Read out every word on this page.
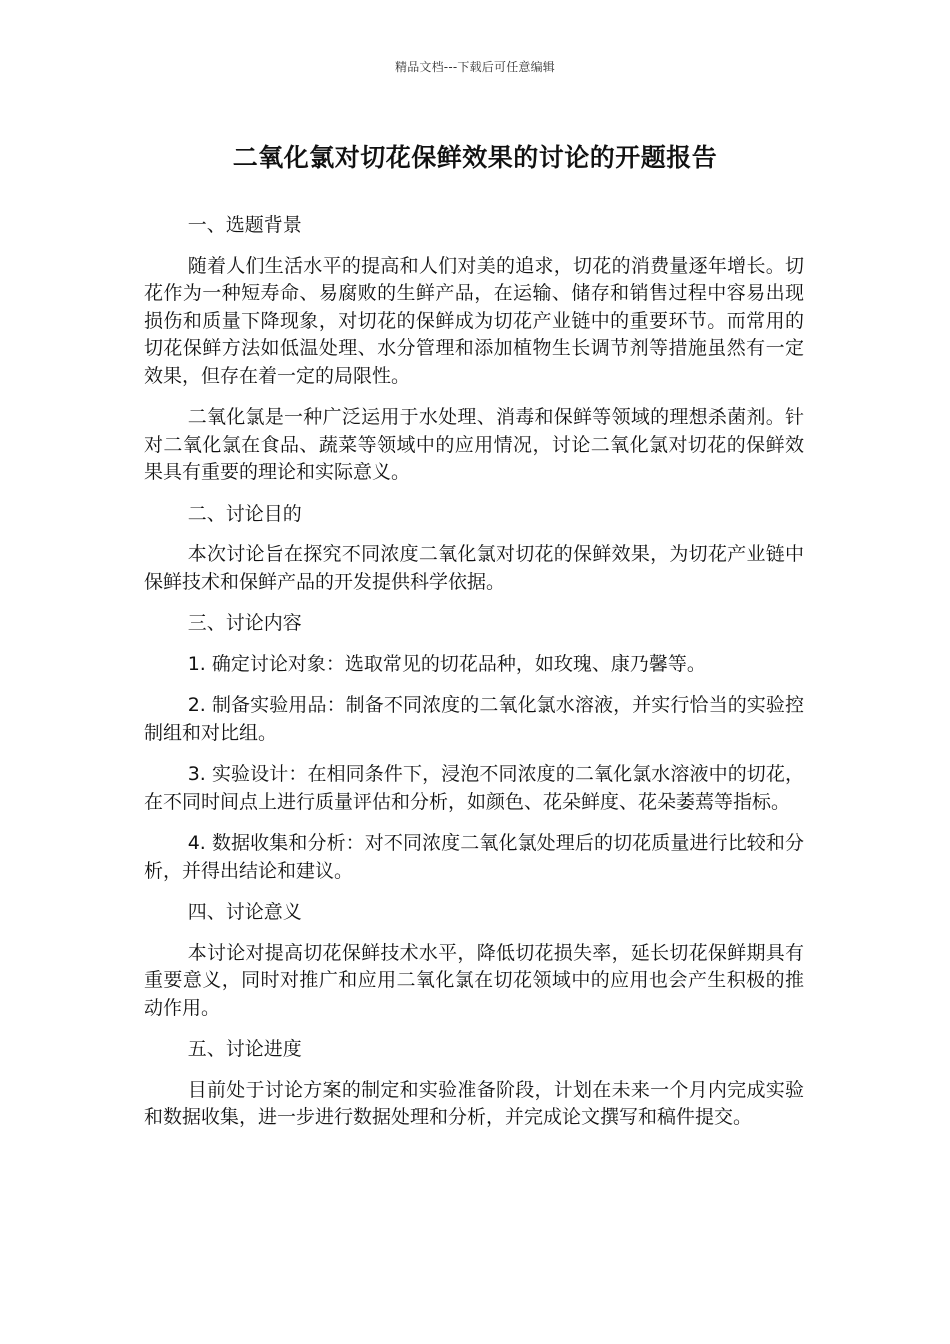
精品文档---下载后可任意编辑
二氧化氯对切花保鲜效果的讨论的开题报告
一、选题背景

随着人们生活水平的提高和人们对美的追求，切花的消费量逐年增长。切花作为一种短寿命、易腐败的生鲜产品，在运输、储存和销售过程中容易出现损伤和质量下降现象，对切花的保鲜成为切花产业链中的重要环节。而常用的切花保鲜方法如低温处理、水分管理和添加植物生长调节剂等措施虽然有一定效果，但存在着一定的局限性。

二氧化氯是一种广泛运用于水处理、消毒和保鲜等领域的理想杀菌剂。针对二氧化氯在食品、蔬菜等领域中的应用情况，讨论二氧化氯对切花的保鲜效果具有重要的理论和实际意义。

二、讨论目的

本次讨论旨在探究不同浓度二氧化氯对切花的保鲜效果，为切花产业链中保鲜技术和保鲜产品的开发提供科学依据。

三、讨论内容

1. 确定讨论对象：选取常见的切花品种，如玫瑰、康乃馨等。

2. 制备实验用品：制备不同浓度的二氧化氯水溶液，并实行恰当的实验控制组和对比组。

3. 实验设计：在相同条件下，浸泡不同浓度的二氧化氯水溶液中的切花，在不同时间点上进行质量评估和分析，如颜色、花朵鲜度、花朵萎蔫等指标。

4. 数据收集和分析：对不同浓度二氧化氯处理后的切花质量进行比较和分析，并得出结论和建议。

四、讨论意义

本讨论对提高切花保鲜技术水平，降低切花损失率，延长切花保鲜期具有重要意义，同时对推广和应用二氧化氯在切花领域中的应用也会产生积极的推动作用。

五、讨论进度

目前处于讨论方案的制定和实验准备阶段，计划在未来一个月内完成实验和数据收集，进一步进行数据处理和分析，并完成论文撰写和稿件提交。
